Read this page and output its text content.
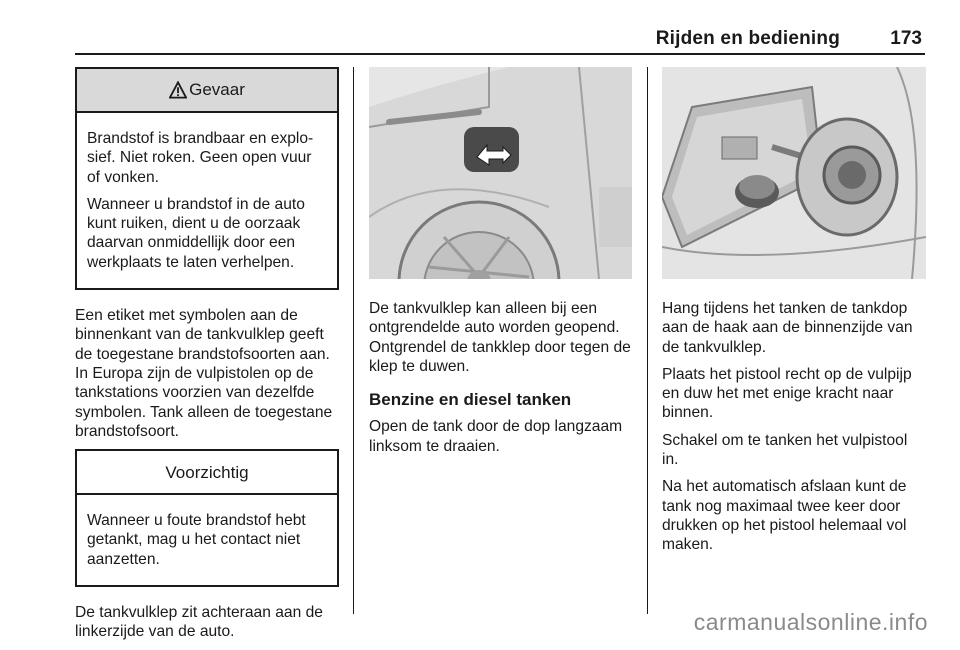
Rijden en bediening	173
Gevaar

Brandstof is brandbaar en explo-sief. Niet roken. Geen open vuur of vonken.

Wanneer u brandstof in de auto kunt ruiken, dient u de oorzaak daarvan onmiddellijk door een werkplaats te laten verhelpen.

Een etiket met symbolen aan de binnenkant van de tankvulklep geeft de toegestane brandstofsoorten aan. In Europa zijn de vulpistolen op de tankstations voorzien van dezelfde symbolen. Tank alleen de toegestane brandstofsoort.

Voorzichtig

Wanneer u foute brandstof hebt getankt, mag u het contact niet aanzetten.

De tankvulklep zit achteraan aan de linkerzijde van de auto.

De tankvulklep kan alleen bij een ontgrendelde auto worden geopend. Ontgrendel de tankklep door tegen de klep te duwen.

Benzine en diesel tanken

Open de tank door de dop langzaam linksom te draaien.

Hang tijdens het tanken de tankdop aan de haak aan de binnenzijde van de tankvulklep.

Plaats het pistool recht op de vulpijp en duw het met enige kracht naar binnen.

Schakel om te tanken het vulpistool in.

Na het automatisch afslaan kunt de tank nog maximaal twee keer door drukken op het pistool helemaal vol maken.

carmanualsonline.info
